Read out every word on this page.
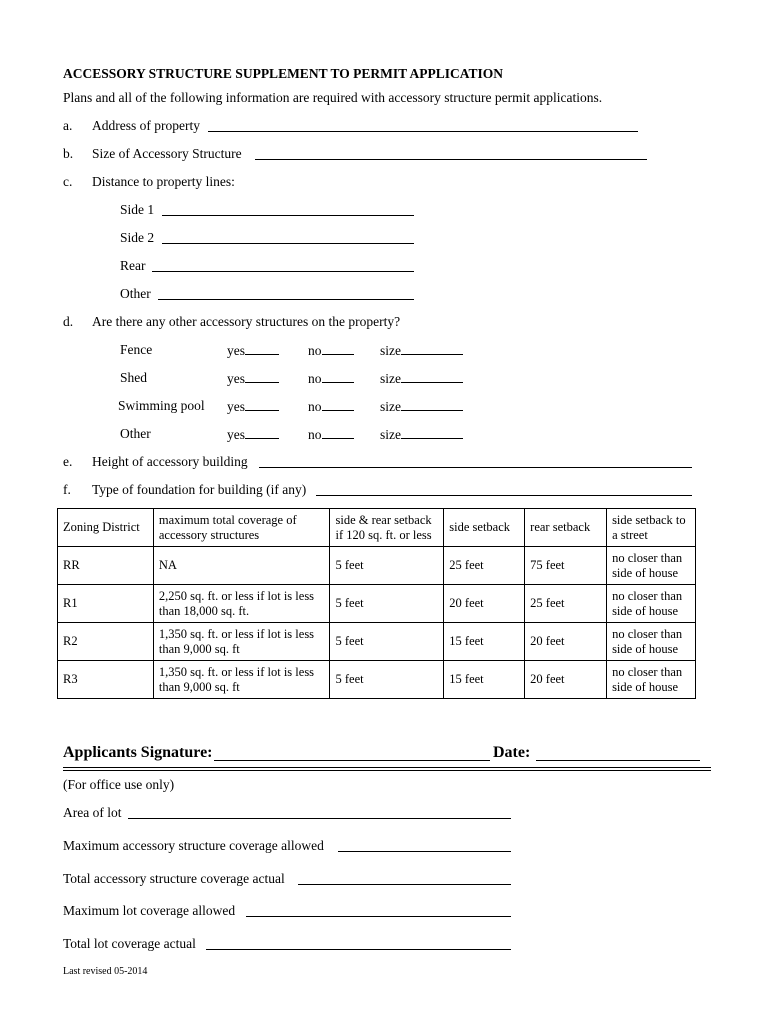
ACCESSORY STRUCTURE SUPPLEMENT TO PERMIT APPLICATION
Plans and all of the following information are required with accessory structure permit applications.
a. Address of property
b. Size of Accessory Structure
c. Distance to property lines:
Side 1
Side 2
Rear
Other
d. Are there any other accessory structures on the property?
Fence	yes	no	size
Shed	yes	no	size
Swimming pool yes	no	size
Other	yes	no	size
e. Height of accessory building
f. Type of foundation for building (if any)
Zoning District	maximum total coverage of accessory structures	side & rear setback if 120 sq. ft. or less	side setback	rear setback	side setback to a street
RR	NA	5 feet	25 feet	75 feet	no closer than side of house
R1	2,250 sq. ft. or less if lot is less than 18,000 sq. ft.	5 feet	20 feet	25 feet	no closer than side of house
R2	1,350 sq. ft. or less if lot is less than 9,000 sq. ft	5 feet	15 feet	20 feet	no closer than side of house
R3	1,350 sq. ft. or less if lot is less than 9,000 sq. ft	5 feet	15 feet	20 feet	no closer than side of house
Applicants Signature:	Date:
(For office use only)
Area of lot
Maximum accessory structure coverage allowed
Total accessory structure coverage actual
Maximum lot coverage allowed
Total lot coverage actual
Last revised 05-2014
